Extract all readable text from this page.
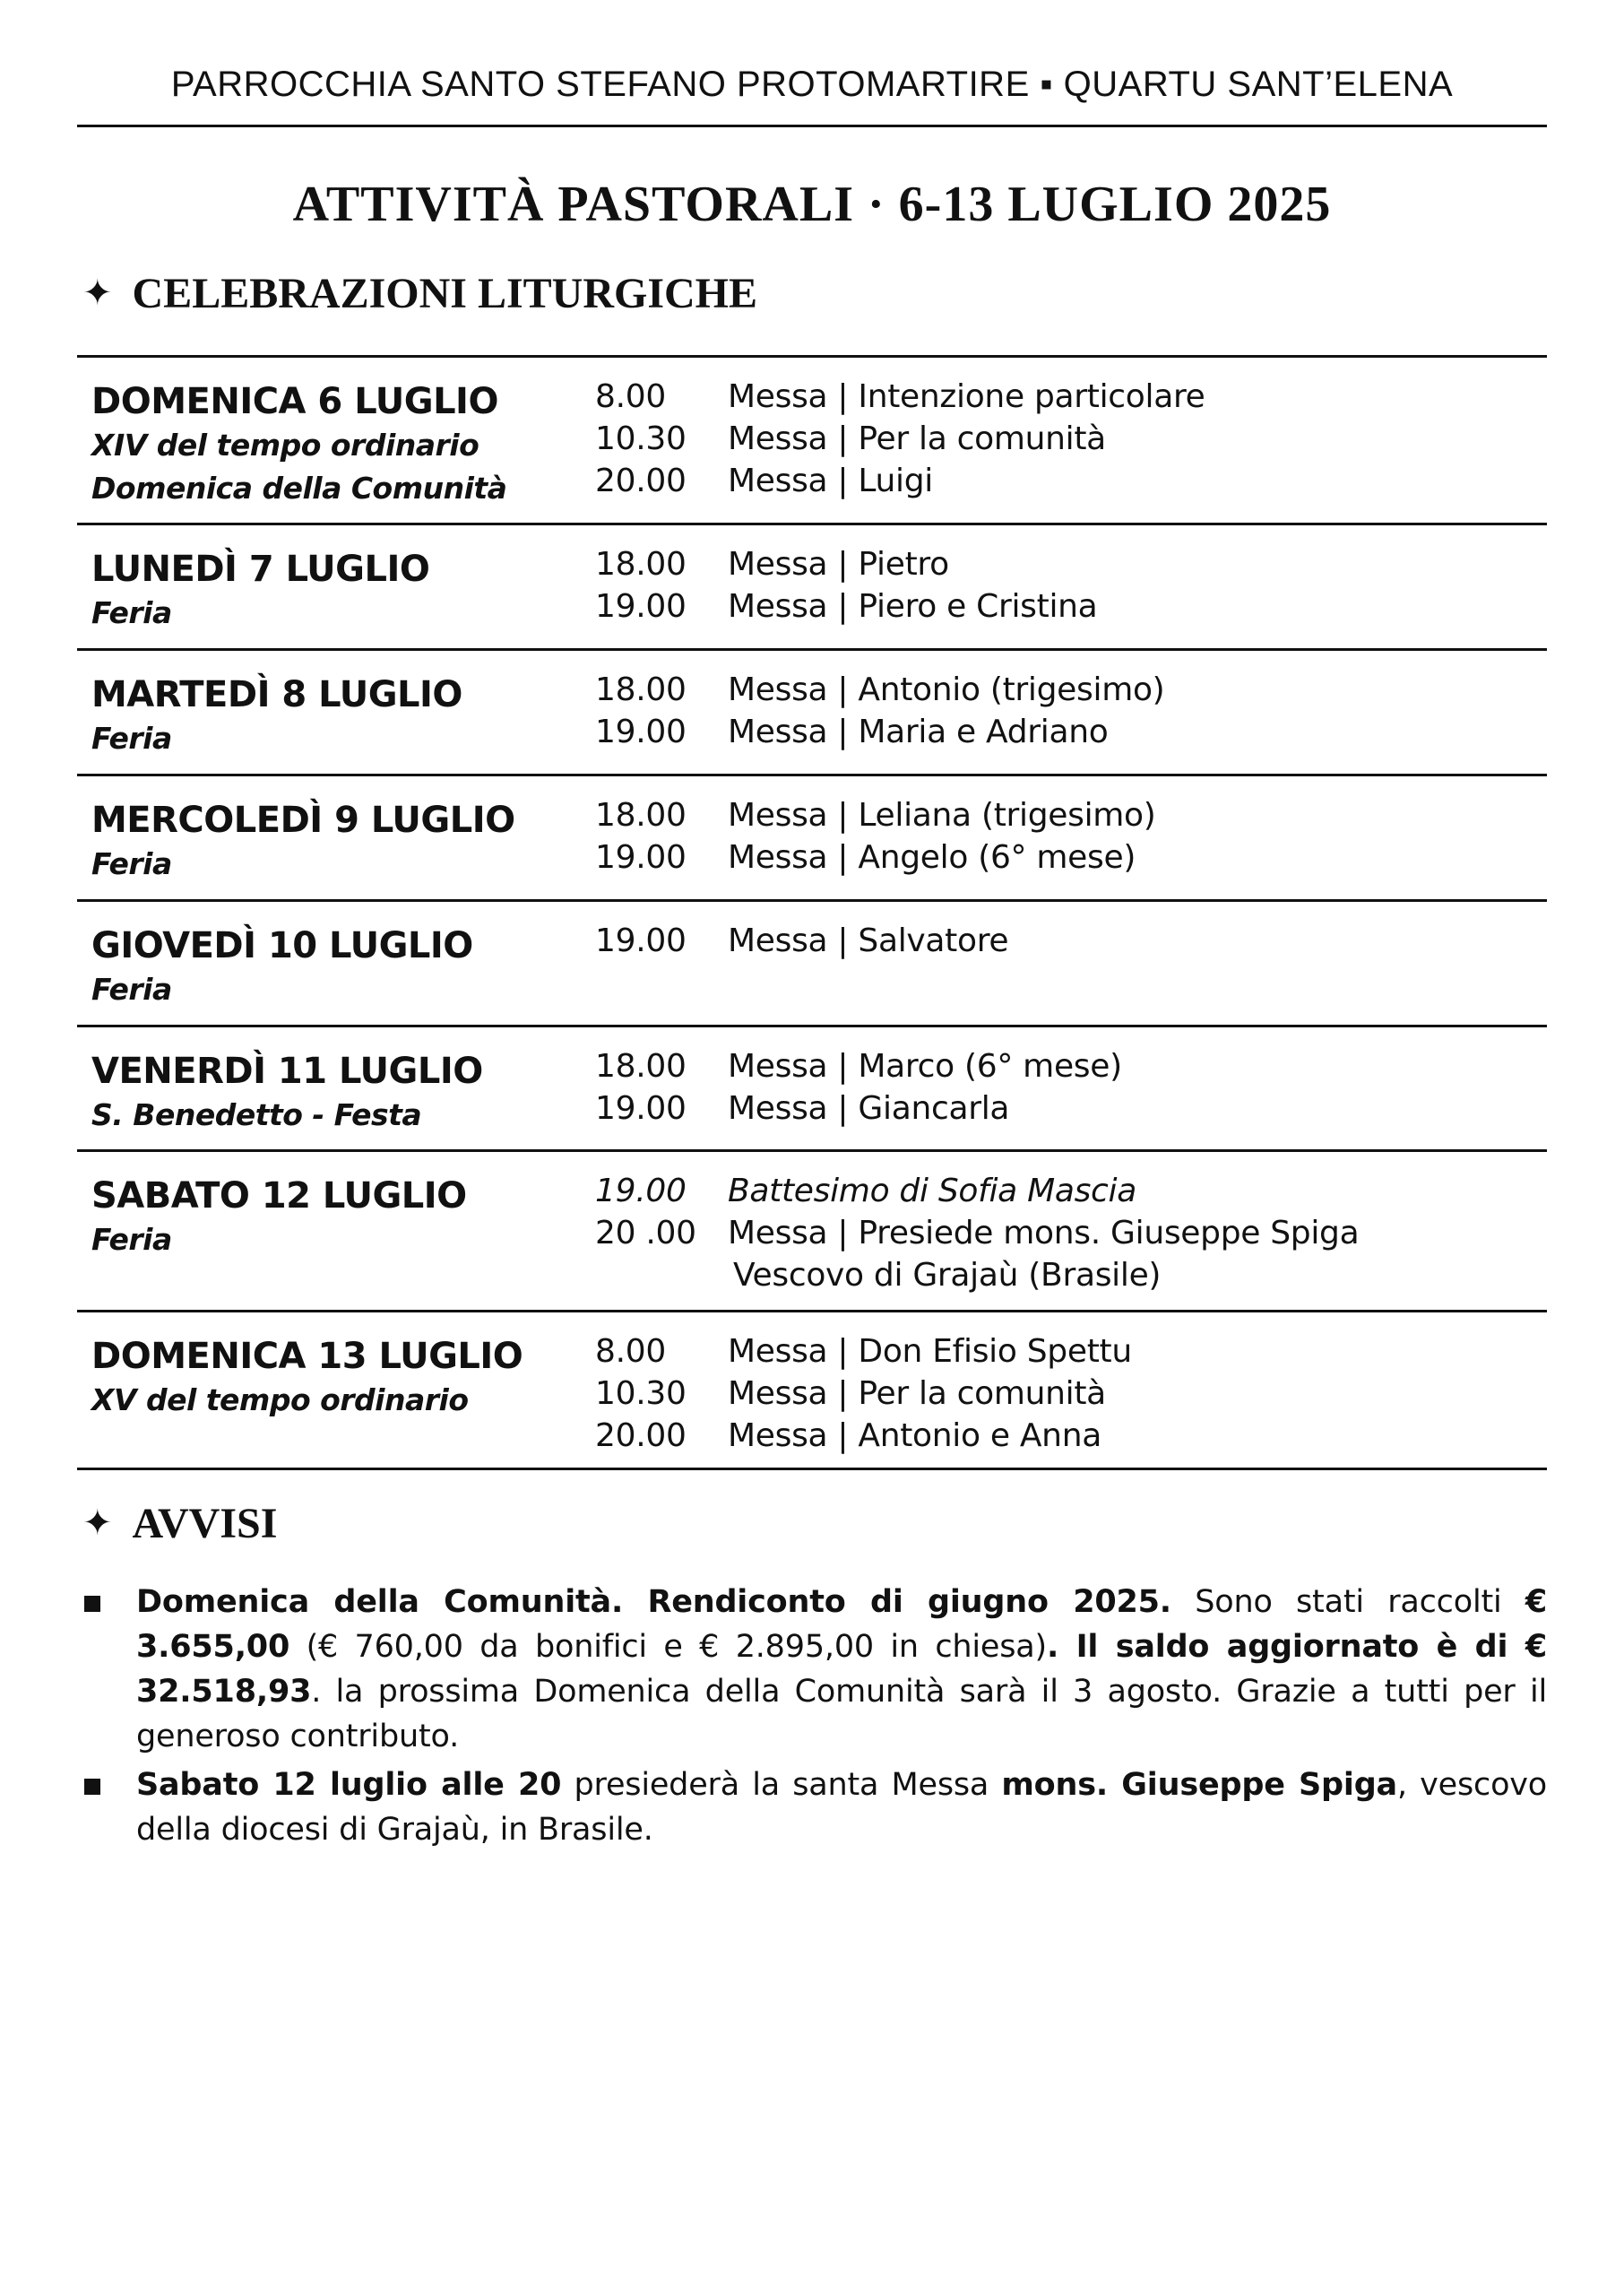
PARROCCHIA SANTO STEFANO PROTOMARTIRE ▪ QUARTU SANT’ELENA
ATTIVITÀ PASTORALI · 6-13 LUGLIO 2025
✦ CELEBRAZIONI LITURGICHE
DOMENICA 6 LUGLIO
XIV del tempo ordinario
Domenica della Comunità
8.00	Messa | Intenzione particolare
10.30	Messa | Per la comunità
20.00	Messa | Luigi
LUNEDÌ 7 LUGLIO
Feria
18.00	Messa | Pietro
19.00	Messa | Piero e Cristina
MARTEDÌ 8 LUGLIO
Feria
18.00	Messa | Antonio (trigesimo)
19.00	Messa | Maria e Adriano
MERCOLEDÌ 9 LUGLIO
Feria
18.00	Messa | Leliana (trigesimo)
19.00	Messa | Angelo (6° mese)
GIOVEDÌ 10 LUGLIO
Feria
19.00	Messa | Salvatore
VENERDÌ 11 LUGLIO
S. Benedetto - Festa
18.00	Messa | Marco (6° mese)
19.00	Messa | Giancarla
SABATO 12 LUGLIO
Feria
19.00	Battesimo di Sofia Mascia
20 .00 Messa | Presiede mons. Giuseppe Spiga
Vescovo di Grajaù (Brasile)
DOMENICA 13 LUGLIO
XV del tempo ordinario
8.00	Messa | Don Efisio Spettu
10.30	Messa | Per la comunità
20.00	Messa | Antonio e Anna
✦ AVVISI
Domenica della Comunità. Rendiconto di giugno 2025. Sono stati raccolti € 3.655,00 (€ 760,00 da bonifici e € 2.895,00 in chiesa). Il saldo aggiornato è di € 32.518,93. la prossima Domenica della Comunità sarà il 3 agosto. Grazie a tutti per il generoso contributo.
Sabato 12 luglio alle 20 presiederà la santa Messa mons. Giuseppe Spiga, vescovo della diocesi di Grajaù, in Brasile.
